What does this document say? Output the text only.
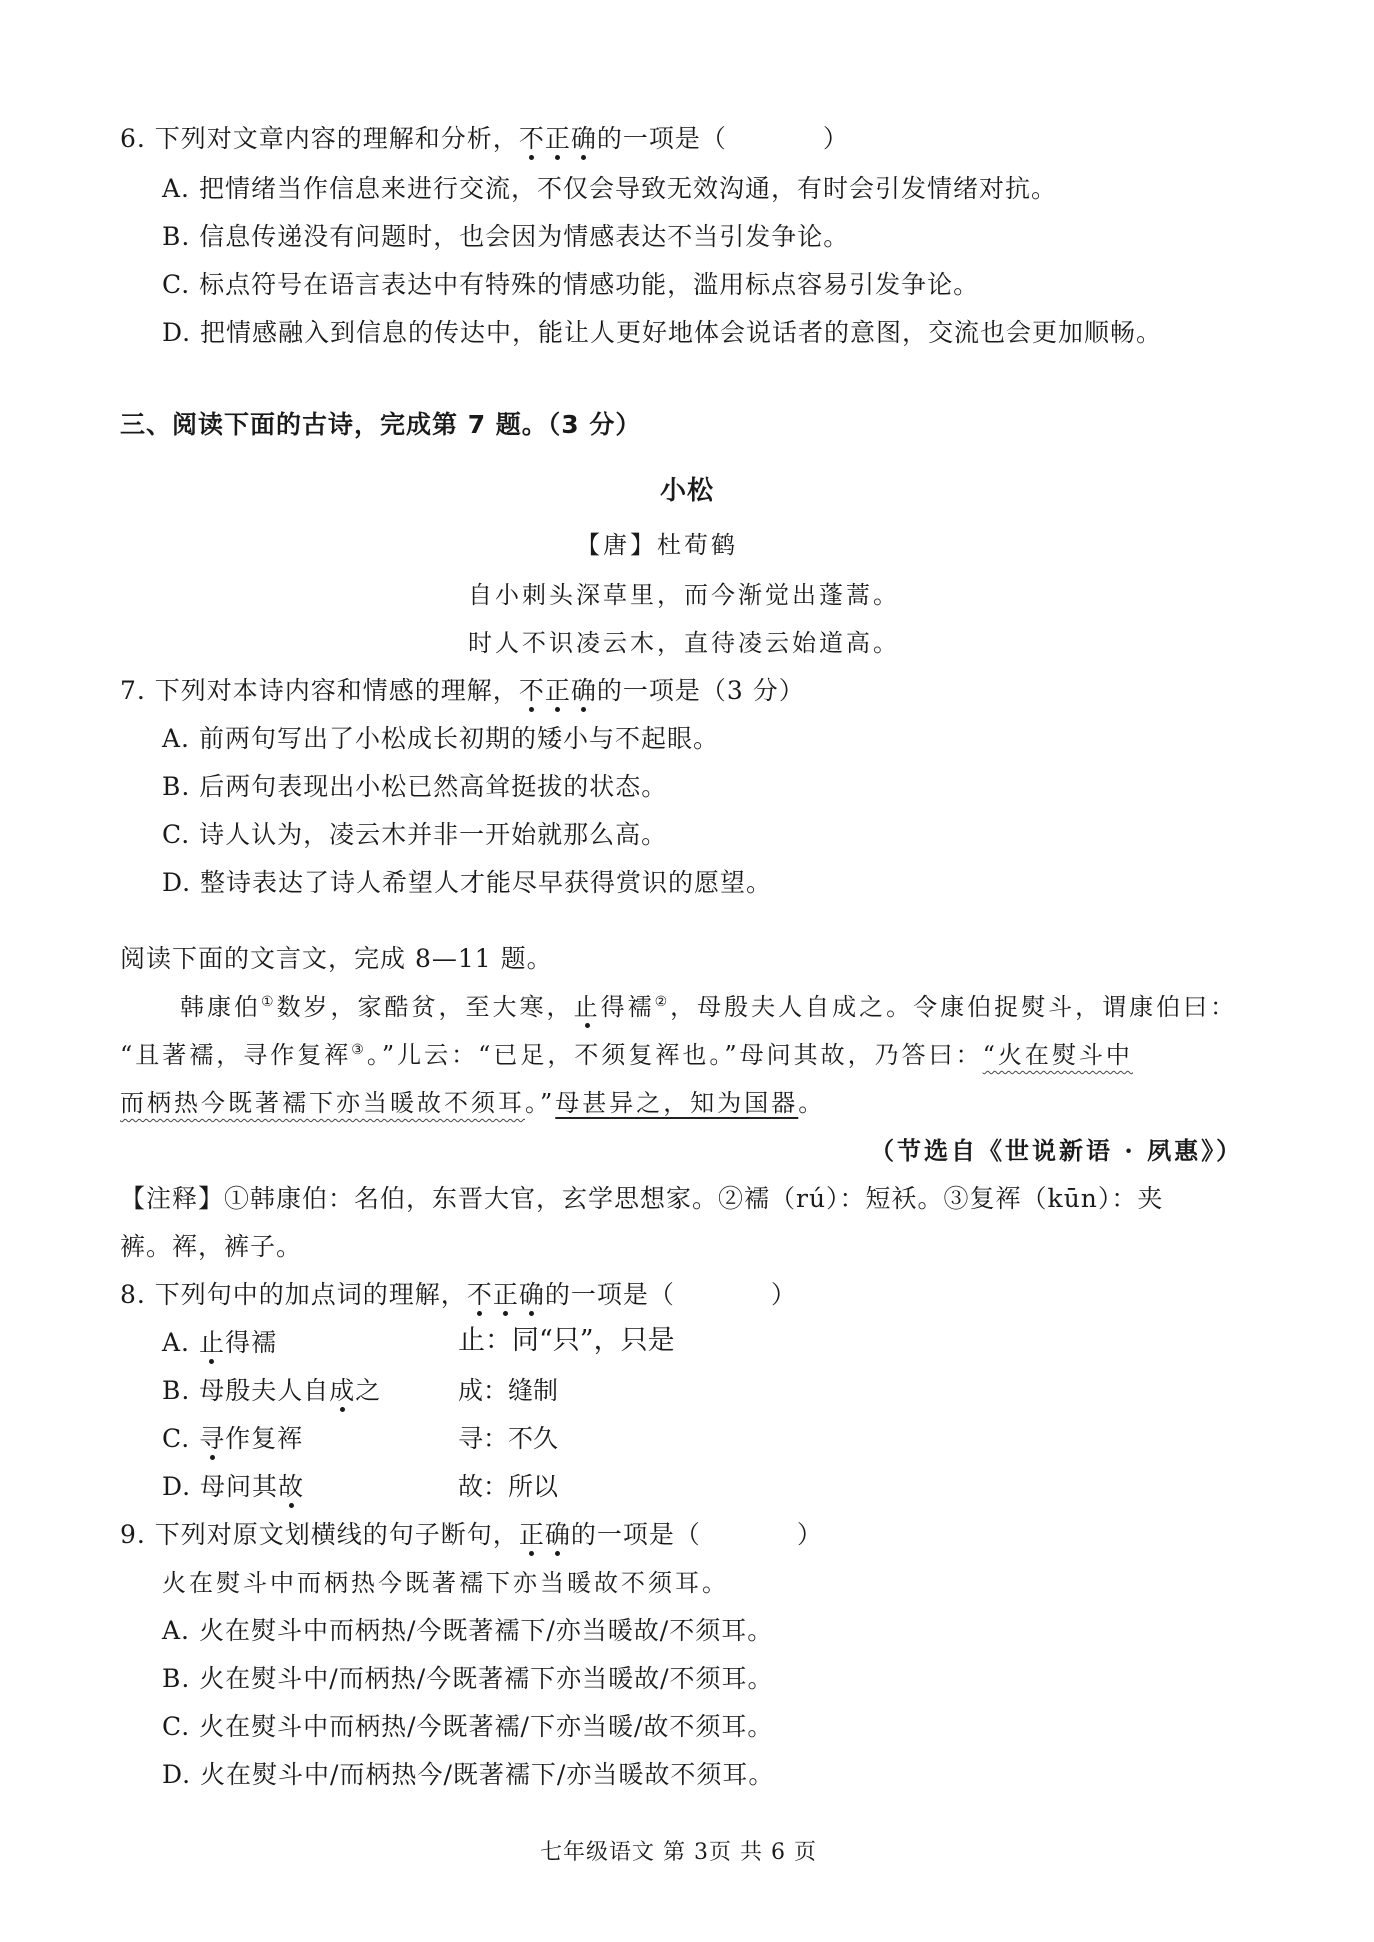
6. 下列对文章内容的理解和分析，不正确的一项是（	）
A. 把情绪当作信息来进行交流，不仅会导致无效沟通，有时会引发情绪对抗。
B. 信息传递没有问题时，也会因为情感表达不当引发争论。
C. 标点符号在语言表达中有特殊的情感功能，滥用标点容易引发争论。
D. 把情感融入到信息的传达中，能让人更好地体会说话者的意图，交流也会更加顺畅。
三、阅读下面的古诗，完成第 7 题。（3 分）
小松
【唐】杜荀鹤
自小刺头深草里，而今渐觉出蓬蒿。
时人不识凌云木，直待凌云始道高。
7. 下列对本诗内容和情感的理解，不正确的一项是（3 分）
A. 前两句写出了小松成长初期的矮小与不起眼。
B. 后两句表现出小松已然高耸挺拔的状态。
C. 诗人认为，凌云木并非一开始就那么高。
D. 整诗表达了诗人希望人才能尽早获得赏识的愿望。
阅读下面的文言文，完成 8—11 题。
韩康伯①数岁，家酷贫，至大寒，止得襦②，母殷夫人自成之。令康伯捉熨斗，谓康伯曰：
“且著襦，寻作复裈③。”儿云：“已足，不须复裈也。”母问其故，乃答曰：“火在熨斗中
而柄热今既著襦下亦当暖故不须耳。”母甚异之，知为国器。
（节选自《世说新语 · 夙惠》）
【注释】①韩康伯：名伯，东晋大官，玄学思想家。②襦（rú）：短袄。③复裈（kūn）：夹
裤。裈，裤子。
8. 下列句中的加点词的理解，不正确的一项是（	）
A. 止得襦	止：同“只”，只是
B. 母殷夫人自成之	成：缝制
C. 寻作复裈	寻：不久
D. 母问其故	故：所以
9. 下列对原文划横线的句子断句，正确的一项是（	）
火在熨斗中而柄热今既著襦下亦当暖故不须耳。
A. 火在熨斗中而柄热/今既著襦下/亦当暖故/不须耳。
B. 火在熨斗中/而柄热/今既著襦下亦当暖故/不须耳。
C. 火在熨斗中而柄热/今既著襦/下亦当暖/故不须耳。
D. 火在熨斗中/而柄热今/既著襦下/亦当暖故不须耳。
七年级语文 第 3页 共 6 页
